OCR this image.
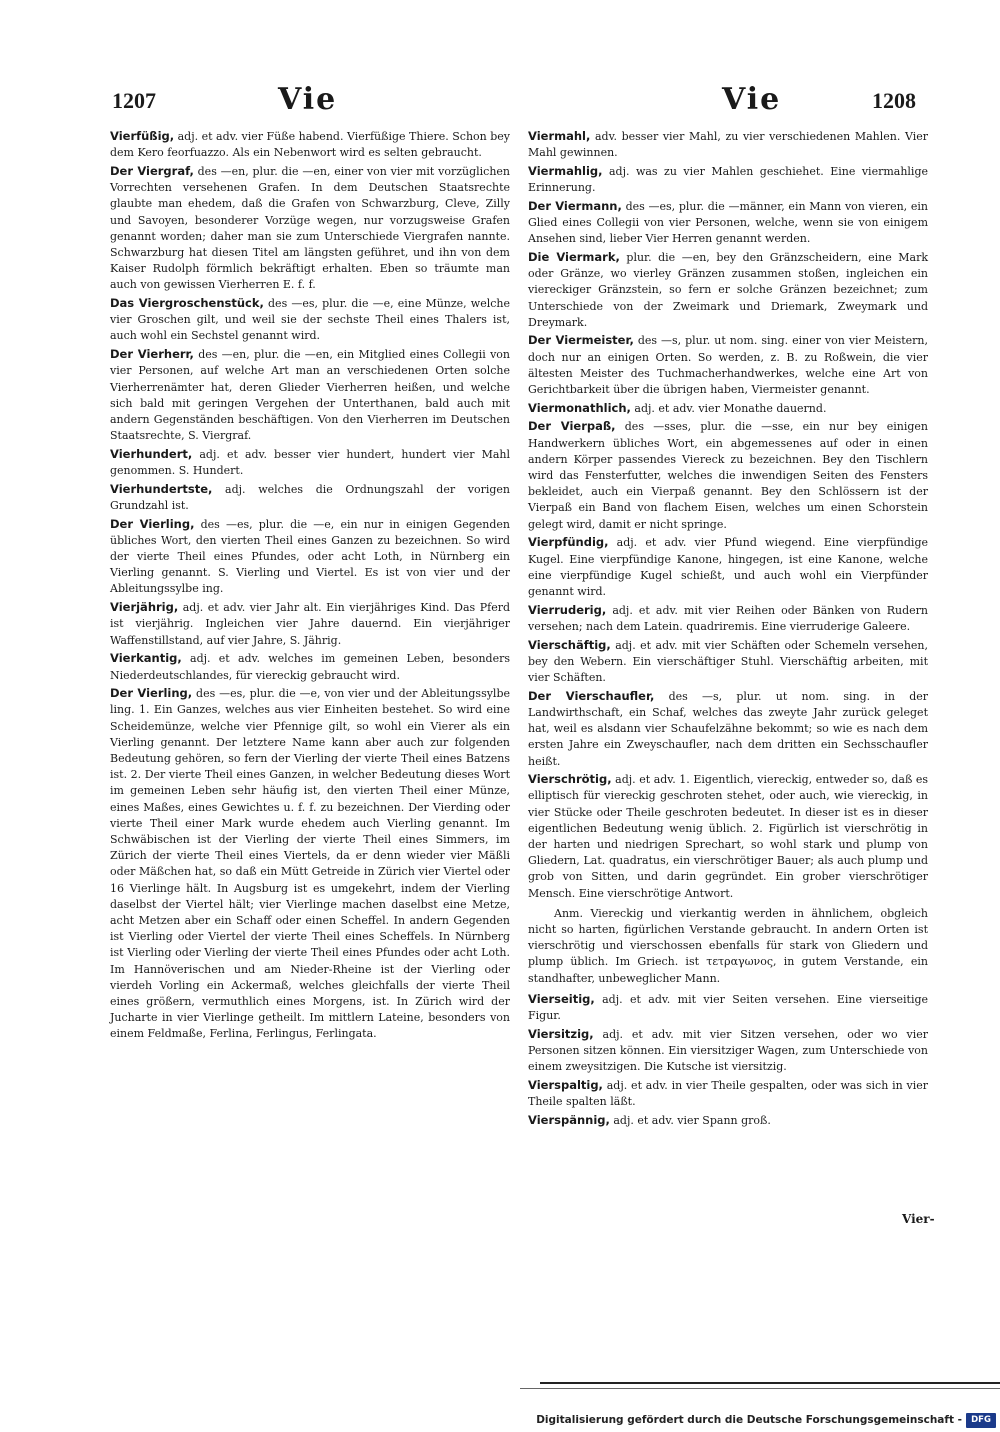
1207	Vie	Vie	1208

Vierfüßig, adj. et adv. vier Füße habend. Vierfüßige Thiere. Schon bey dem Kero feorfuazzo. Als ein Nebenwort wird es selten gebraucht.

Der Viergraf, des —en, plur. die —en, einer von vier mit vorzüglichen Vorrechten versehenen Grafen. In dem Deutschen Staatsrechte glaubte man ehedem, daß die Grafen von Schwarzburg, Cleve, Zilly und Savoyen, besonderer Vorzüge wegen, nur vorzugsweise Grafen genannt worden; daher man sie zum Unterschiede Viergrafen nannte. Schwarzburg hat diesen Titel am längsten geführet, und ihn von dem Kaiser Rudolph förmlich bekräftigt erhalten. Eben so träumte man auch von gewissen Vierherren E. f. f.

Das Viergroschenstück, des —es, plur. die —e, eine Münze, welche vier Groschen gilt, und weil sie der sechste Theil eines Thalers ist, auch wohl ein Sechstel genannt wird.

Der Vierherr, des —en, plur. die —en, ein Mitglied eines Collegii von vier Personen, auf welche Art man an verschiedenen Orten solche Vierherrenämter hat, deren Glieder Vierherren heißen, und welche sich bald mit geringen Vergehen der Unterthanen, bald auch mit andern Gegenständen beschäftigen. Von den Vierherren im Deutschen Staatsrechte, S. Viergraf.

Vierhundert, adj. et adv. besser vier hundert, hundert vier Mahl genommen. S. Hundert.

Vierhundertste, adj. welches die Ordnungszahl der vorigen Grundzahl ist.

Der Vierling, des —es, plur. die —e, ein nur in einigen Gegenden übliches Wort, den vierten Theil eines Ganzen zu bezeichnen. So wird der vierte Theil eines Pfundes, oder acht Loth, in Nürnberg ein Vierling genannt. S. Vierling und Viertel. Es ist von vier und der Ableitungssylbe ing.

Vierjährig, adj. et adv. vier Jahr alt. Ein vierjähriges Kind. Das Pferd ist vierjährig. Ingleichen vier Jahre dauernd. Ein vierjähriger Waffenstillstand, auf vier Jahre, S. Jährig.

Vierkantig, adj. et adv. welches im gemeinen Leben, besonders Niederdeutschlandes, für viereckig gebraucht wird.

Der Vierling, des —es, plur. die —e, von vier und der Ableitungssylbe ling. 1. Ein Ganzes, welches aus vier Einheiten bestehet. So wird eine Scheidemünze, welche vier Pfennige gilt, so wohl ein Vierer als ein Vierling genannt. Der letztere Name kann aber auch zur folgenden Bedeutung gehören, so fern der Vierling der vierte Theil eines Batzens ist. 2. Der vierte Theil eines Ganzen, in welcher Bedeutung dieses Wort im gemeinen Leben sehr häufig ist, den vierten Theil einer Münze, eines Maßes, eines Gewichtes u. f. f. zu bezeichnen. Der Vierding oder vierte Theil einer Mark wurde ehedem auch Vierling genannt. Im Schwäbischen ist der Vierling der vierte Theil eines Simmers, im Zürich der vierte Theil eines Viertels, da er denn wieder vier Mäßli oder Mäßchen hat, so daß ein Mütt Getreide in Zürich vier Viertel oder 16 Vierlinge hält. In Augsburg ist es umgekehrt, indem der Vierling daselbst der Viertel hält; vier Vierlinge machen daselbst eine Metze, acht Metzen aber ein Schaff oder einen Scheffel. In andern Gegenden ist Vierling oder Viertel der vierte Theil eines Scheffels. In Nürnberg ist Vierling oder Vierling der vierte Theil eines Pfundes oder acht Loth. Im Hannöverischen und am Nieder-Rheine ist der Vierling oder vierdeh Vorling ein Ackermaß, welches gleichfalls der vierte Theil eines größern, vermuthlich eines Morgens, ist. In Zürich wird der Jucharte in vier Vierlinge getheilt. Im mittlern Lateine, besonders von einem Feldmaße, Ferlina, Ferlingus, Ferlingata.

Viermahl, adv. besser vier Mahl, zu vier verschiedenen Mahlen. Vier Mahl gewinnen.

Viermahlig, adj. was zu vier Mahlen geschiehet. Eine viermahlige Erinnerung.

Der Viermann, des —es, plur. die —männer, ein Mann von vieren, ein Glied eines Collegii von vier Personen, welche, wenn sie von einigem Ansehen sind, lieber Vier Herren genannt werden.

Die Viermark, plur. die —en, bey den Gränzscheidern, eine Mark oder Gränze, wo vierley Gränzen zusammen stoßen, ingleichen ein viereckiger Gränzstein, so fern er solche Gränzen bezeichnet; zum Unterschiede von der Zweimark und Driemark, Zweymark und Dreymark.

Der Viermeister, des —s, plur. ut nom. sing. einer von vier Meistern, doch nur an einigen Orten. So werden, z. B. zu Roßwein, die vier ältesten Meister des Tuchmacherhandwerkes, welche eine Art von Gerichtbarkeit über die übrigen haben, Viermeister genannt.

Viermonathlich, adj. et adv. vier Monathe dauernd.

Der Vierpaß, des —sses, plur. die —sse, ein nur bey einigen Handwerkern übliches Wort, ein abgemessenes auf oder in einen andern Körper passendes Viereck zu bezeichnen. Bey den Tischlern wird das Fensterfutter, welches die inwendigen Seiten des Fensters bekleidet, auch ein Vierpaß genannt. Bey den Schlössern ist der Vierpaß ein Band von flachem Eisen, welches um einen Schorstein gelegt wird, damit er nicht springe.

Vierpfündig, adj. et adv. vier Pfund wiegend. Eine vierpfündige Kugel. Eine vierpfündige Kanone, hingegen, ist eine Kanone, welche eine vierpfündige Kugel schießt, und auch wohl ein Vierpfünder genannt wird.

Vierruderig, adj. et adv. mit vier Reihen oder Bänken von Rudern versehen; nach dem Latein. quadriremis. Eine vierruderige Galeere.

Vierschäftig, adj. et adv. mit vier Schäften oder Schemeln versehen, bey den Webern. Ein vierschäftiger Stuhl. Vierschäftig arbeiten, mit vier Schäften.

Der Vierschaufler, des —s, plur. ut nom. sing. in der Landwirthschaft, ein Schaf, welches das zweyte Jahr zurück geleget hat, weil es alsdann vier Schaufelzähne bekommt; so wie es nach dem ersten Jahre ein Zweyschaufler, nach dem dritten ein Sechsschaufler heißt.

Vierschrötig, adj. et adv. 1. Eigentlich, viereckig, entweder so, daß es elliptisch für viereckig geschroten stehet, oder auch, wie viereckig, in vier Stücke oder Theile geschroten bedeutet. In dieser ist es in dieser eigentlichen Bedeutung wenig üblich. 2. Figürlich ist vierschrötig in der harten und niedrigen Sprechart, so wohl stark und plump von Gliedern, Lat. quadratus, ein vierschrötiger Bauer; als auch plump und grob von Sitten, und darin gegründet. Ein grober vierschrötiger Mensch. Eine vierschrötige Antwort.

Anm. Viereckig und vierkantig werden in ähnlichem, obgleich nicht so harten, figürlichen Verstande gebraucht. In andern Orten ist vierschrötig und vierschossen ebenfalls für stark von Gliedern und plump üblich. Im Griech. ist τετραγωνος, in gutem Verstande, ein standhafter, unbeweglicher Mann.

Vierseitig, adj. et adv. mit vier Seiten versehen. Eine vierseitige Figur.

Viersitzig, adj. et adv. mit vier Sitzen versehen, oder wo vier Personen sitzen können. Ein viersitziger Wagen, zum Unterschiede von einem zweysitzigen. Die Kutsche ist viersitzig.

Vierspaltig, adj. et adv. in vier Theile gespalten, oder was sich in vier Theile spalten läßt.

Vierspännig, adj. et adv. vier Spann groß.

Vier-
Digitalisierung gefördert durch die Deutsche Forschungsgemeinschaft -	DFG
